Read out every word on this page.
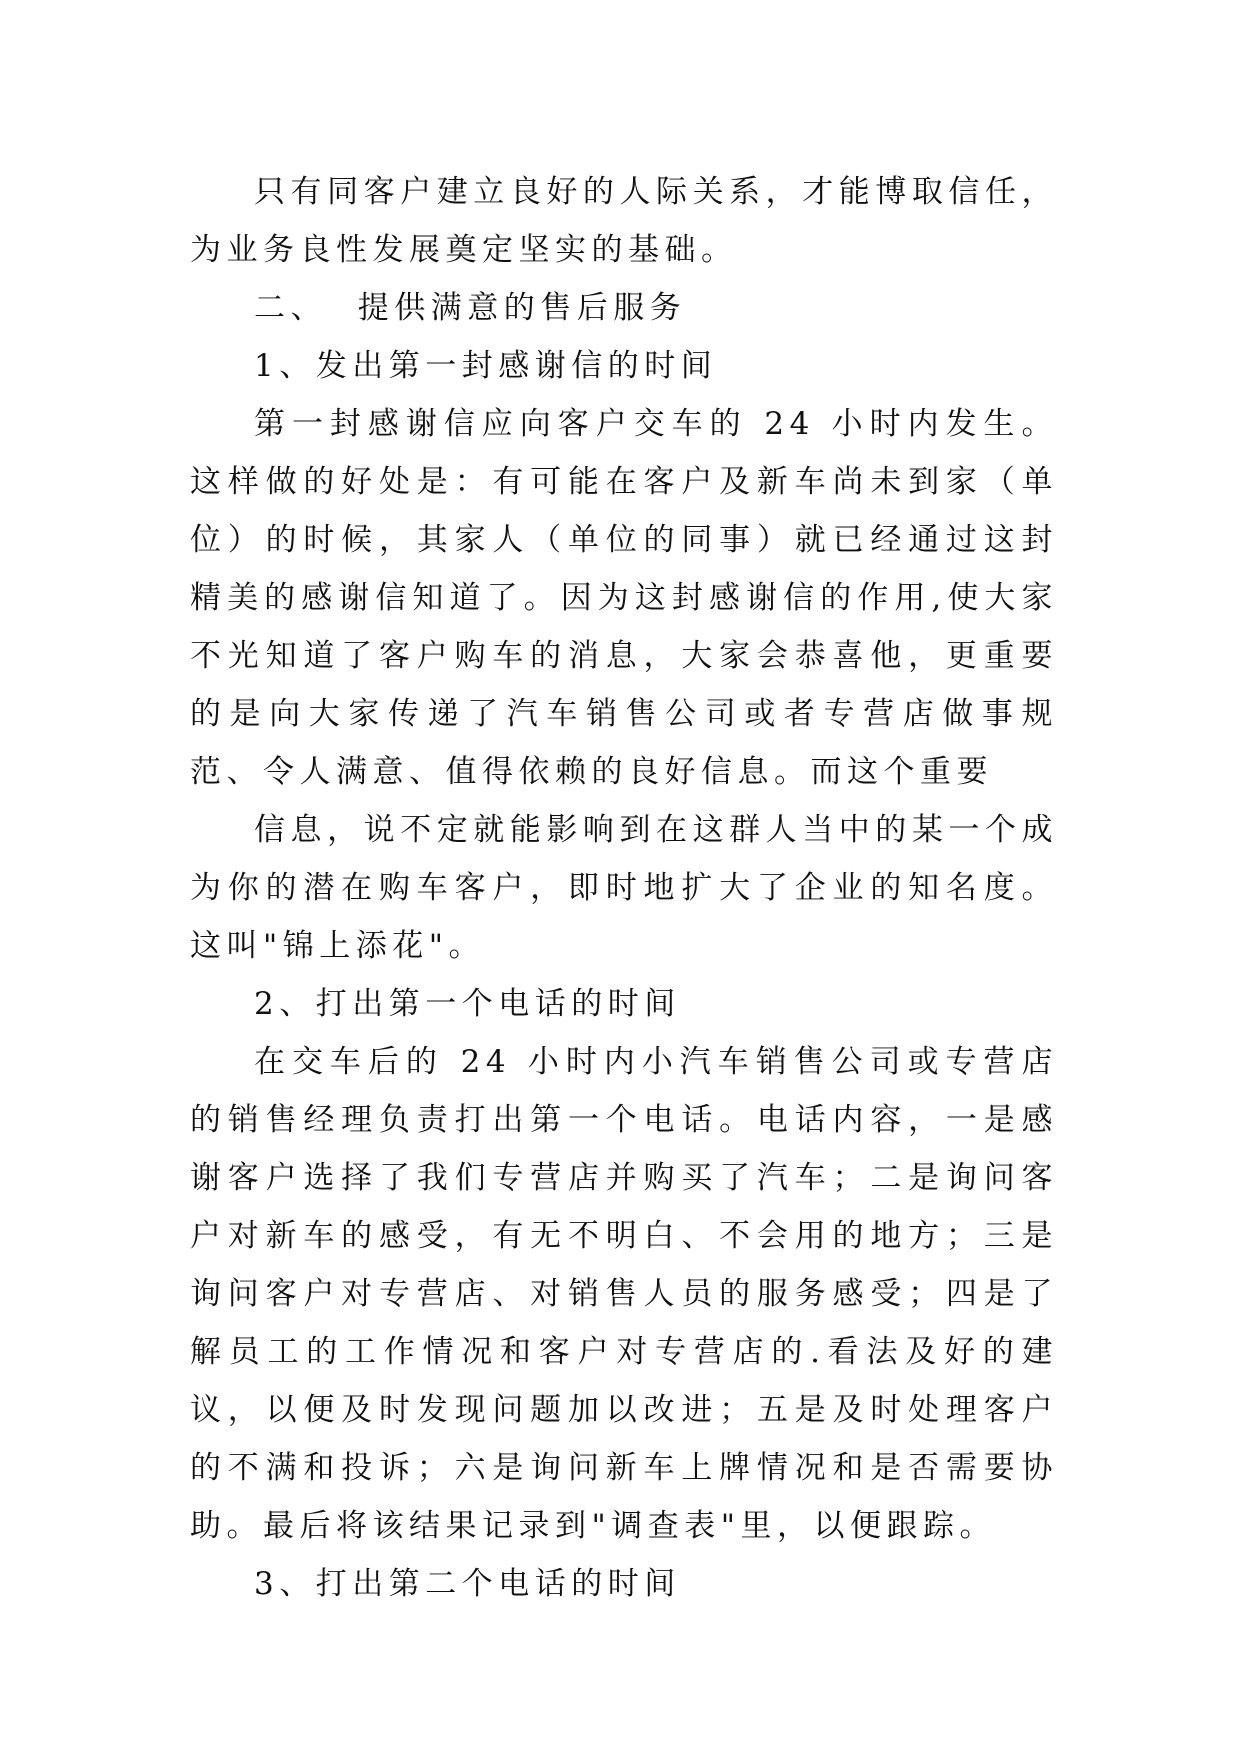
只有同客户建立良好的人际关系，才能博取信任，为业务良性发展奠定坚实的基础。

二、  提供满意的售后服务

1、发出第一封感谢信的时间

第一封感谢信应向客户交车的 24 小时内发生。这样做的好处是：有可能在客户及新车尚未到家（单位）的时候，其家人（单位的同事）就已经通过这封精美的感谢信知道了。因为这封感谢信的作用,使大家不光知道了客户购车的消息，大家会恭喜他，更重要的是向大家传递了汽车销售公司或者专营店做事规范、令人满意、值得依赖的良好信息。而这个重要

信息，说不定就能影响到在这群人当中的某一个成为你的潜在购车客户，即时地扩大了企业的知名度。这叫"锦上添花"。

2、打出第一个电话的时间

在交车后的 24 小时内小汽车销售公司或专营店的销售经理负责打出第一个电话。电话内容，一是感谢客户选择了我们专营店并购买了汽车；二是询问客户对新车的感受，有无不明白、不会用的地方；三是询问客户对专营店、对销售人员的服务感受；四是了解员工的工作情况和客户对专营店的.看法及好的建议，以便及时发现问题加以改进；五是及时处理客户的不满和投诉；六是询问新车上牌情况和是否需要协助。最后将该结果记录到"调查表"里，以便跟踪。

3、打出第二个电话的时间
